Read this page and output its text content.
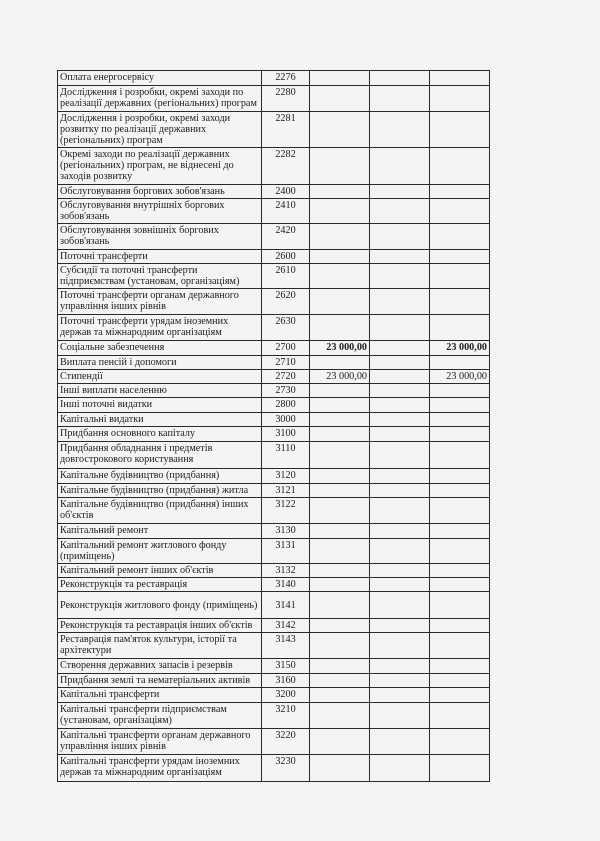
Оплата енергосервісу	2276			
Дослідження і розробки, окремі заходи по реалізації державних (регіональних) програм	2280			
Дослідження і розробки, окремі заходи розвитку по реалізації державних (регіональних) програм	2281			
Окремі заходи по реалізації державних (регіональних) програм, не віднесені до заходів розвитку	2282			
Обслуговування боргових зобов'язань	2400			
Обслуговування внутрішніх боргових зобов'язань	2410			
Обслуговування зовнішніх боргових зобов'язань	2420			
Поточні трансферти	2600			
Субсидії та поточні трансферти підприємствам (установам, організаціям)	2610			
Поточні трансферти органам державного управління інших рівнів	2620			
Поточні трансферти урядам іноземних держав та міжнародним організаціям	2630			
Соціальне забезпечення	2700	23 000,00		23 000,00
Виплата пенсій і допомоги	2710			
Стипендії	2720	23 000,00		23 000,00
Інші виплати населенню	2730			
Інші поточні видатки	2800			
Капітальні видатки	3000			
Придбання основного капіталу	3100			
Придбання обладнання і предметів довгострокового користування	3110			
Капітальне будівництво (придбання)	3120			
Капітальне будівництво (придбання) житла	3121			
Капітальне будівництво (придбання) інших об'єктів	3122			
Капітальний ремонт	3130			
Капітальний ремонт житлового фонду (приміщень)	3131			
Капітальний ремонт інших об'єктів	3132			
Реконструкція та реставрація	3140			
Реконструкція житлового фонду (приміщень)	3141			
Реконструкція та реставрація інших об'єктів	3142			
Реставрація пам'яток культури, історії та архітектури	3143			
Створення державних запасів і резервів	3150			
Придбання землі та нематеріальних активів	3160			
Капітальні трансферти	3200			
Капітальні трансферти підприємствам (установам, організаціям)	3210			
Капітальні трансферти органам державного управління інших рівнів	3220			
Капітальні трансферти урядам іноземних держав та міжнародним організаціям	3230			
